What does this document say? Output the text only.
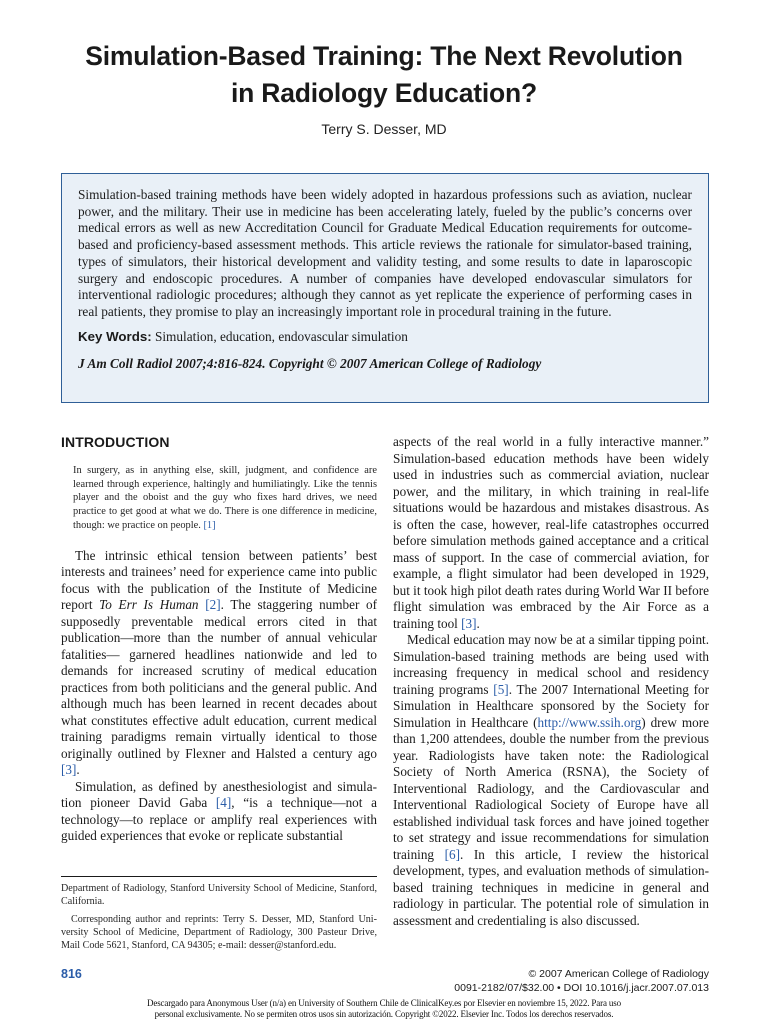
Simulation-Based Training: The Next Revolution in Radiology Education?
Terry S. Desser, MD

Simulation-based training methods have been widely adopted in hazardous professions such as aviation, nuclear power, and the military. Their use in medicine has been accelerating lately, fueled by the public’s concerns over medical errors as well as new Accreditation Council for Graduate Medical Education requirements for outcome-based and proficiency-based assessment methods. This article reviews the rationale for simulator-based training, types of simulators, their historical development and validity testing, and some results to date in laparoscopic surgery and endoscopic procedures. A number of companies have developed endovascular simulators for interventional radiologic procedures; although they cannot as yet replicate the experience of performing cases in real patients, they promise to play an increasingly important role in procedural training in the future.

Key Words: Simulation, education, endovascular simulation
J Am Coll Radiol 2007;4:816-824. Copyright © 2007 American College of Radiology
INTRODUCTION

In surgery, as in anything else, skill, judgment, and confidence are learned through experience, haltingly and humiliatingly. Like the tennis player and the oboist and the guy who fixes hard drives, we need practice to get good at what we do. There is one difference in medicine, though: we practice on people. [1]

The intrinsic ethical tension between patients’ best interests and trainees’ need for experience came into public focus with the publication of the Institute of Medicine report To Err Is Human [2]. The staggering number of supposedly preventable medical errors cited in that publication—more than the number of annual vehicular fatalities— garnered headlines nationwide and led to demands for increased scrutiny of medical education practices from both politicians and the general public. And although much has been learned in recent decades about what constitutes effective adult education, current medical training paradigms remain virtually identical to those originally outlined by Flexner and Halsted a century ago [3].

Simulation, as defined by anesthesiologist and simulation pioneer David Gaba [4], “is a technique—not a technology—to replace or amplify real experiences with guided experiences that evoke or replicate substantial

aspects of the real world in a fully interactive manner.” Simulation-based education methods have been widely used in industries such as commercial aviation, nuclear power, and the military, in which training in real-life situations would be hazardous and mistakes disastrous. As is often the case, however, real-life catastrophes occurred before simulation methods gained acceptance and a critical mass of support. In the case of commercial aviation, for example, a flight simulator had been developed in 1929, but it took high pilot death rates during World War II before flight simulation was embraced by the Air Force as a training tool [3].

Medical education may now be at a similar tipping point. Simulation-based training methods are being used with increasing frequency in medical school and residency training programs [5]. The 2007 International Meeting for Simulation in Healthcare sponsored by the Society for Simulation in Healthcare (http://www.ssih.org) drew more than 1,200 attendees, double the number from the previous year. Radiologists have taken note: the Radiological Society of North America (RSNA), the Society of Interventional Radiology, and the Cardiovascular and Interventional Radiological Society of Europe have all established individual task forces and have joined together to set strategy and issue recommendations for simulation training [6]. In this article, I review the historical development, types, and evaluation methods of simulation-based training techniques in medicine in general and radiology in particular. The potential role of simulation in assessment and credentialing is also discussed.

Department of Radiology, Stanford University School of Medicine, Stanford, California.

Corresponding author and reprints: Terry S. Desser, MD, Stanford University School of Medicine, Department of Radiology, 300 Pasteur Drive, Mail Code 5621, Stanford, CA 94305; e-mail: desser@stanford.edu.

816	© 2007 American College of Radiology
0091-2182/07/$32.00 • DOI 10.1016/j.jacr.2007.07.013
Descargado para Anonymous User (n/a) en University of Southern Chile de ClinicalKey.es por Elsevier en noviembre 15, 2022. Para uso
personal exclusivamente. No se permiten otros usos sin autorización. Copyright ©2022. Elsevier Inc. Todos los derechos reservados.
